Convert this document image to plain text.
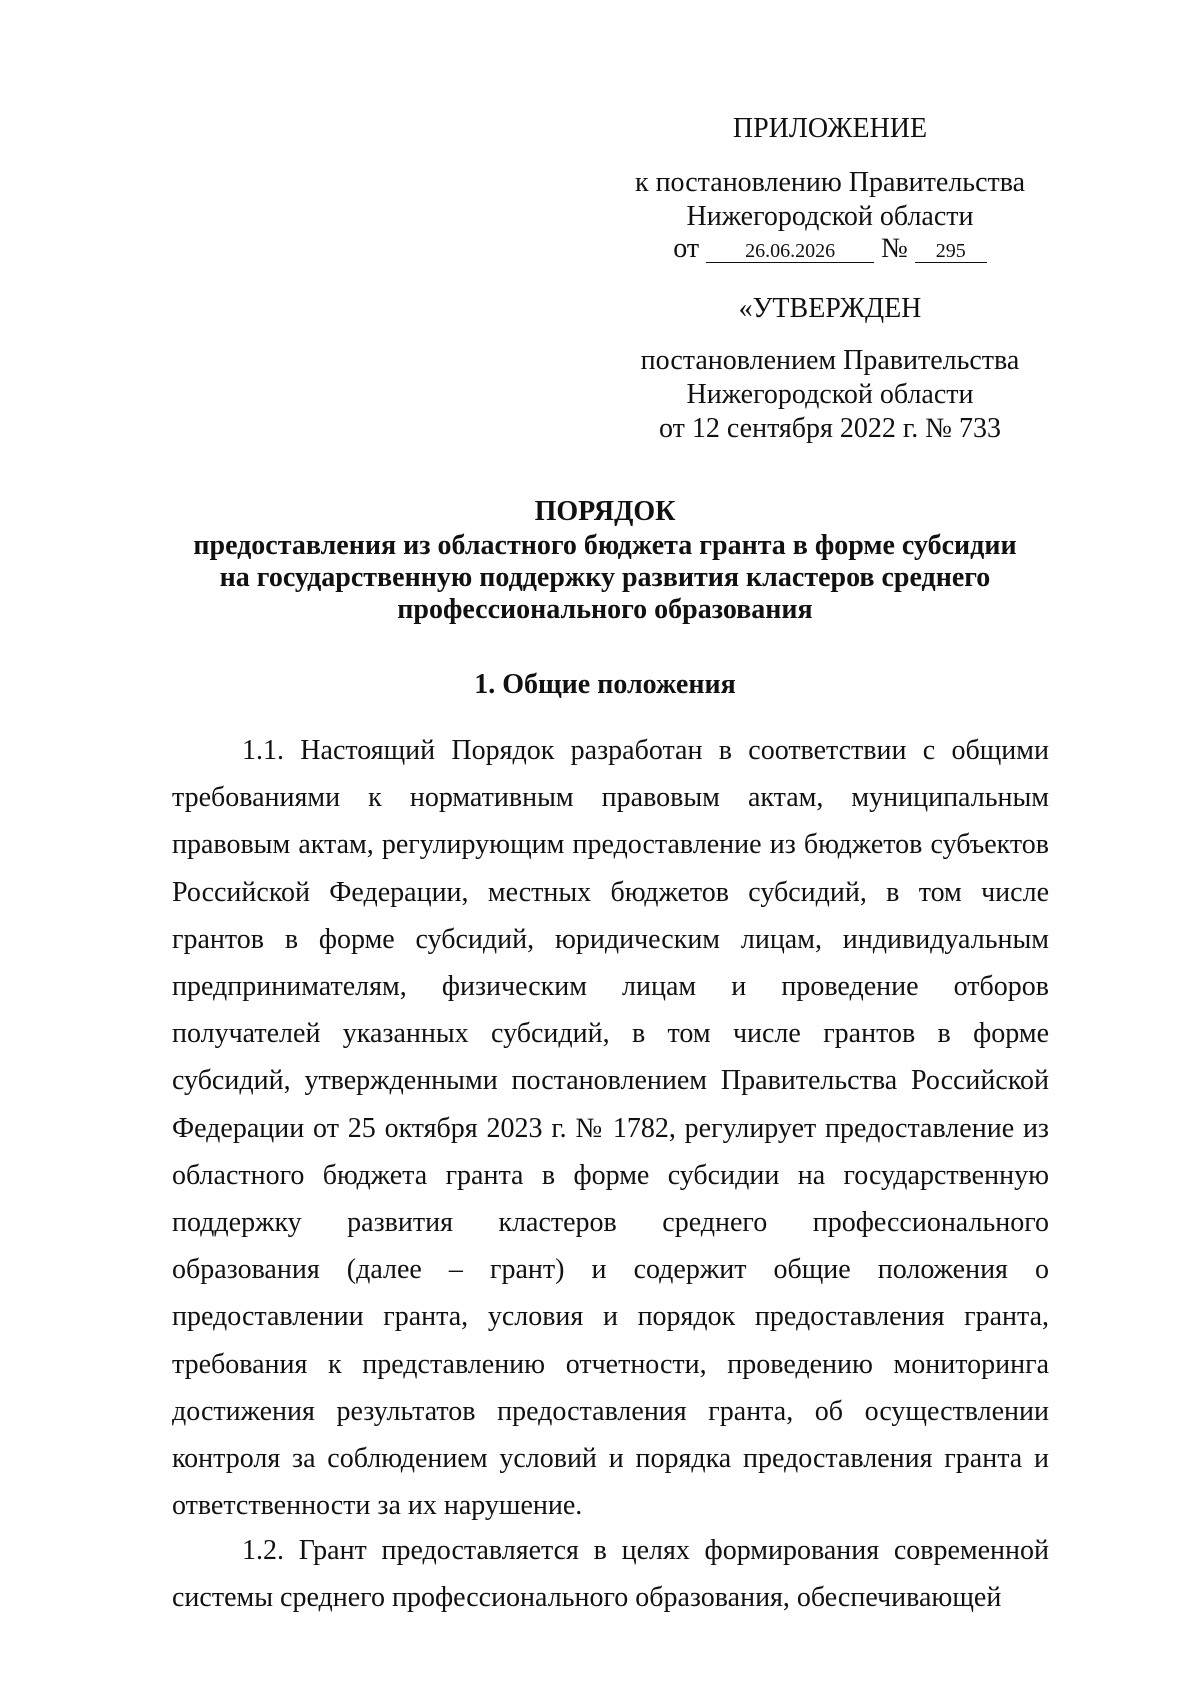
ПРИЛОЖЕНИЕ
к постановлению Правительства
Нижегородской области
от 26.06.2026 № 295
«УТВЕРЖДЕН
постановлением Правительства
Нижегородской области
от 12 сентября 2022 г. № 733
ПОРЯДОК
предоставления из областного бюджета гранта в форме субсидии
на государственную поддержку развития кластеров среднего
профессионального образования
1. Общие положения

1.1. Настоящий Порядок разработан в соответствии с общими требованиями к нормативным правовым актам, муниципальным правовым актам, регулирующим предоставление из бюджетов субъектов Российской Федерации, местных бюджетов субсидий, в том числе грантов в форме субсидий, юридическим лицам, индивидуальным предпринимателям, физическим лицам и проведение отборов получателей указанных субсидий, в том числе грантов в форме субсидий, утвержденными постановлением Правительства Российской Федерации от 25 октября 2023 г. № 1782, регулирует предоставление из областного бюджета гранта в форме субсидии на государственную поддержку развития кластеров среднего профессионального образования (далее – грант) и содержит общие положения о предоставлении гранта, условия и порядок предоставления гранта, требования к представлению отчетности, проведению мониторинга достижения результатов предоставления гранта, об осуществлении контроля за соблюдением условий и порядка предоставления гранта и ответственности за их нарушение.

1.2. Грант предоставляется в целях формирования современной системы среднего профессионального образования, обеспечивающей
